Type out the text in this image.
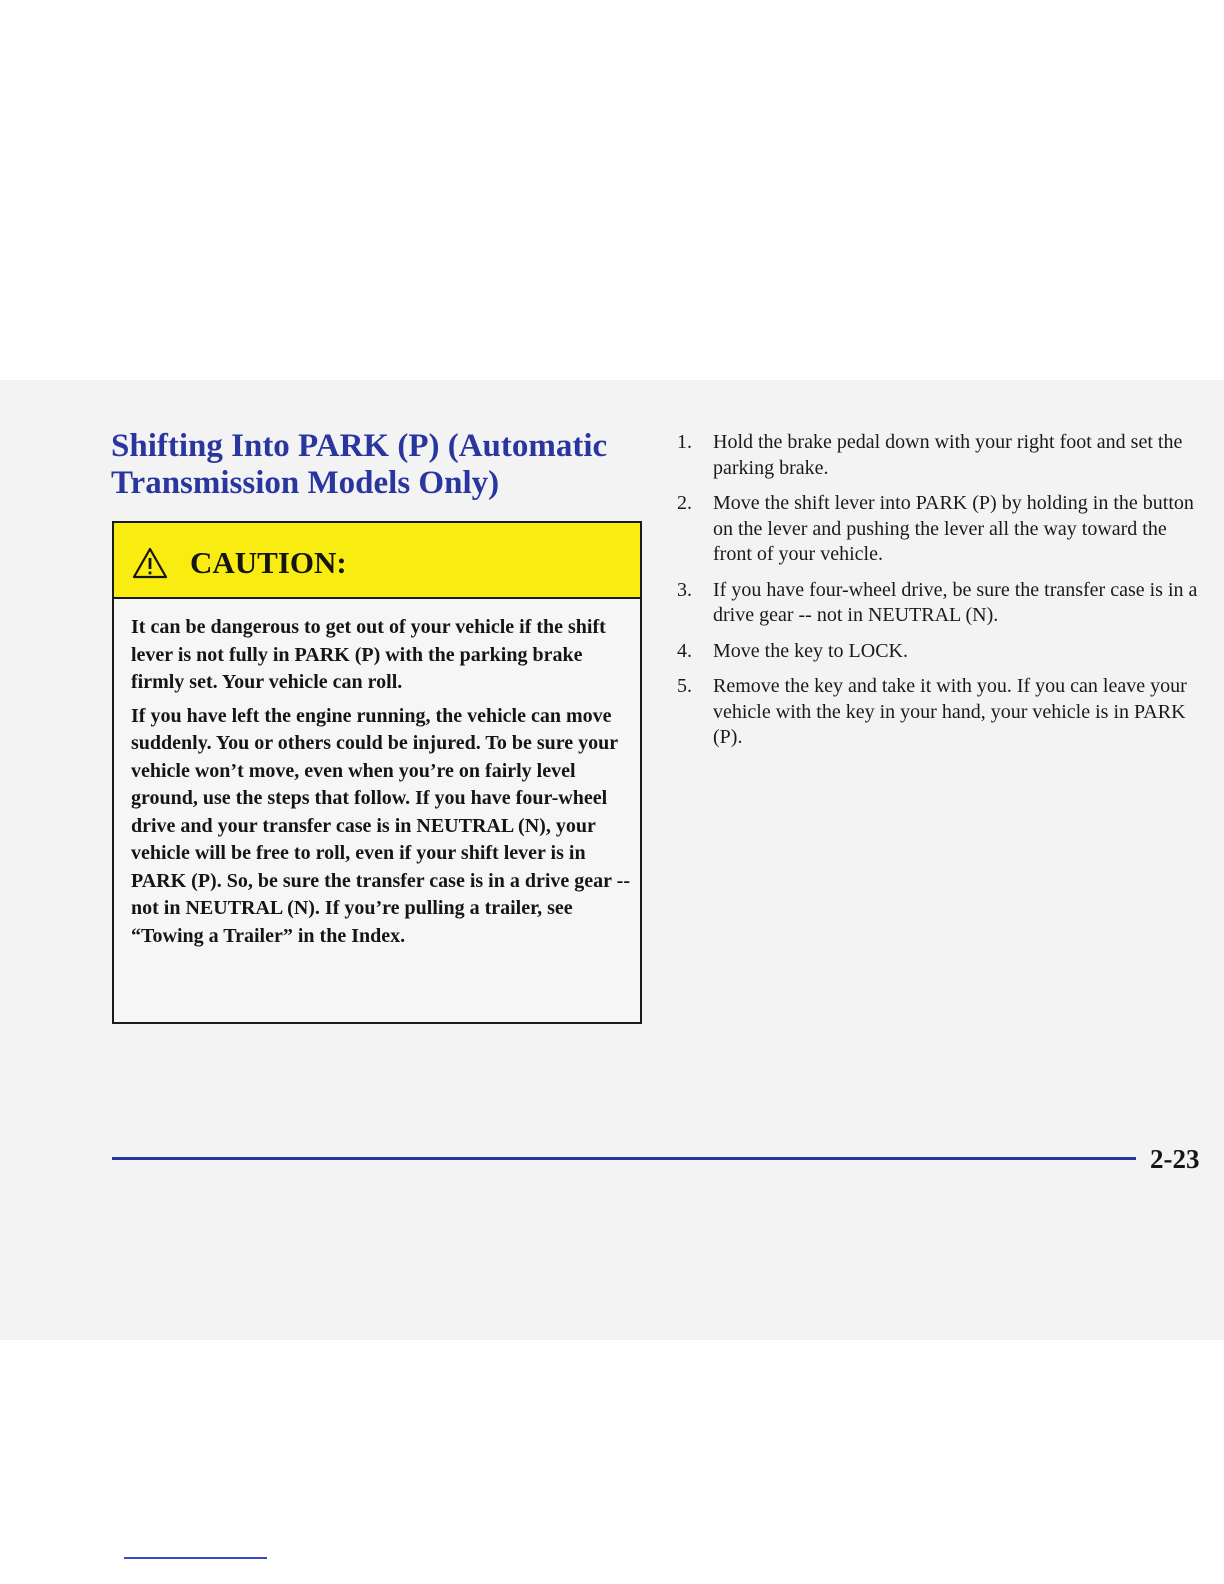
Shifting Into PARK (P) (Automatic Transmission Models Only)

CAUTION:

It can be dangerous to get out of your vehicle if the shift lever is not fully in PARK (P) with the parking brake firmly set. Your vehicle can roll.

If you have left the engine running, the vehicle can move suddenly. You or others could be injured. To be sure your vehicle won’t move, even when you’re on fairly level ground, use the steps that follow. If you have four-wheel drive and your transfer case is in NEUTRAL (N), your vehicle will be free to roll, even if your shift lever is in PARK (P). So, be sure the transfer case is in a drive gear -- not in NEUTRAL (N). If you’re pulling a trailer, see “Towing a Trailer” in the Index.

1. Hold the brake pedal down with your right foot and set the parking brake.
2. Move the shift lever into PARK (P) by holding in the button on the lever and pushing the lever all the way toward the front of your vehicle.
3. If you have four-wheel drive, be sure the transfer case is in a drive gear -- not in NEUTRAL (N).
4. Move the key to LOCK.
5. Remove the key and take it with you. If you can leave your vehicle with the key in your hand, your vehicle is in PARK (P).

2-23
